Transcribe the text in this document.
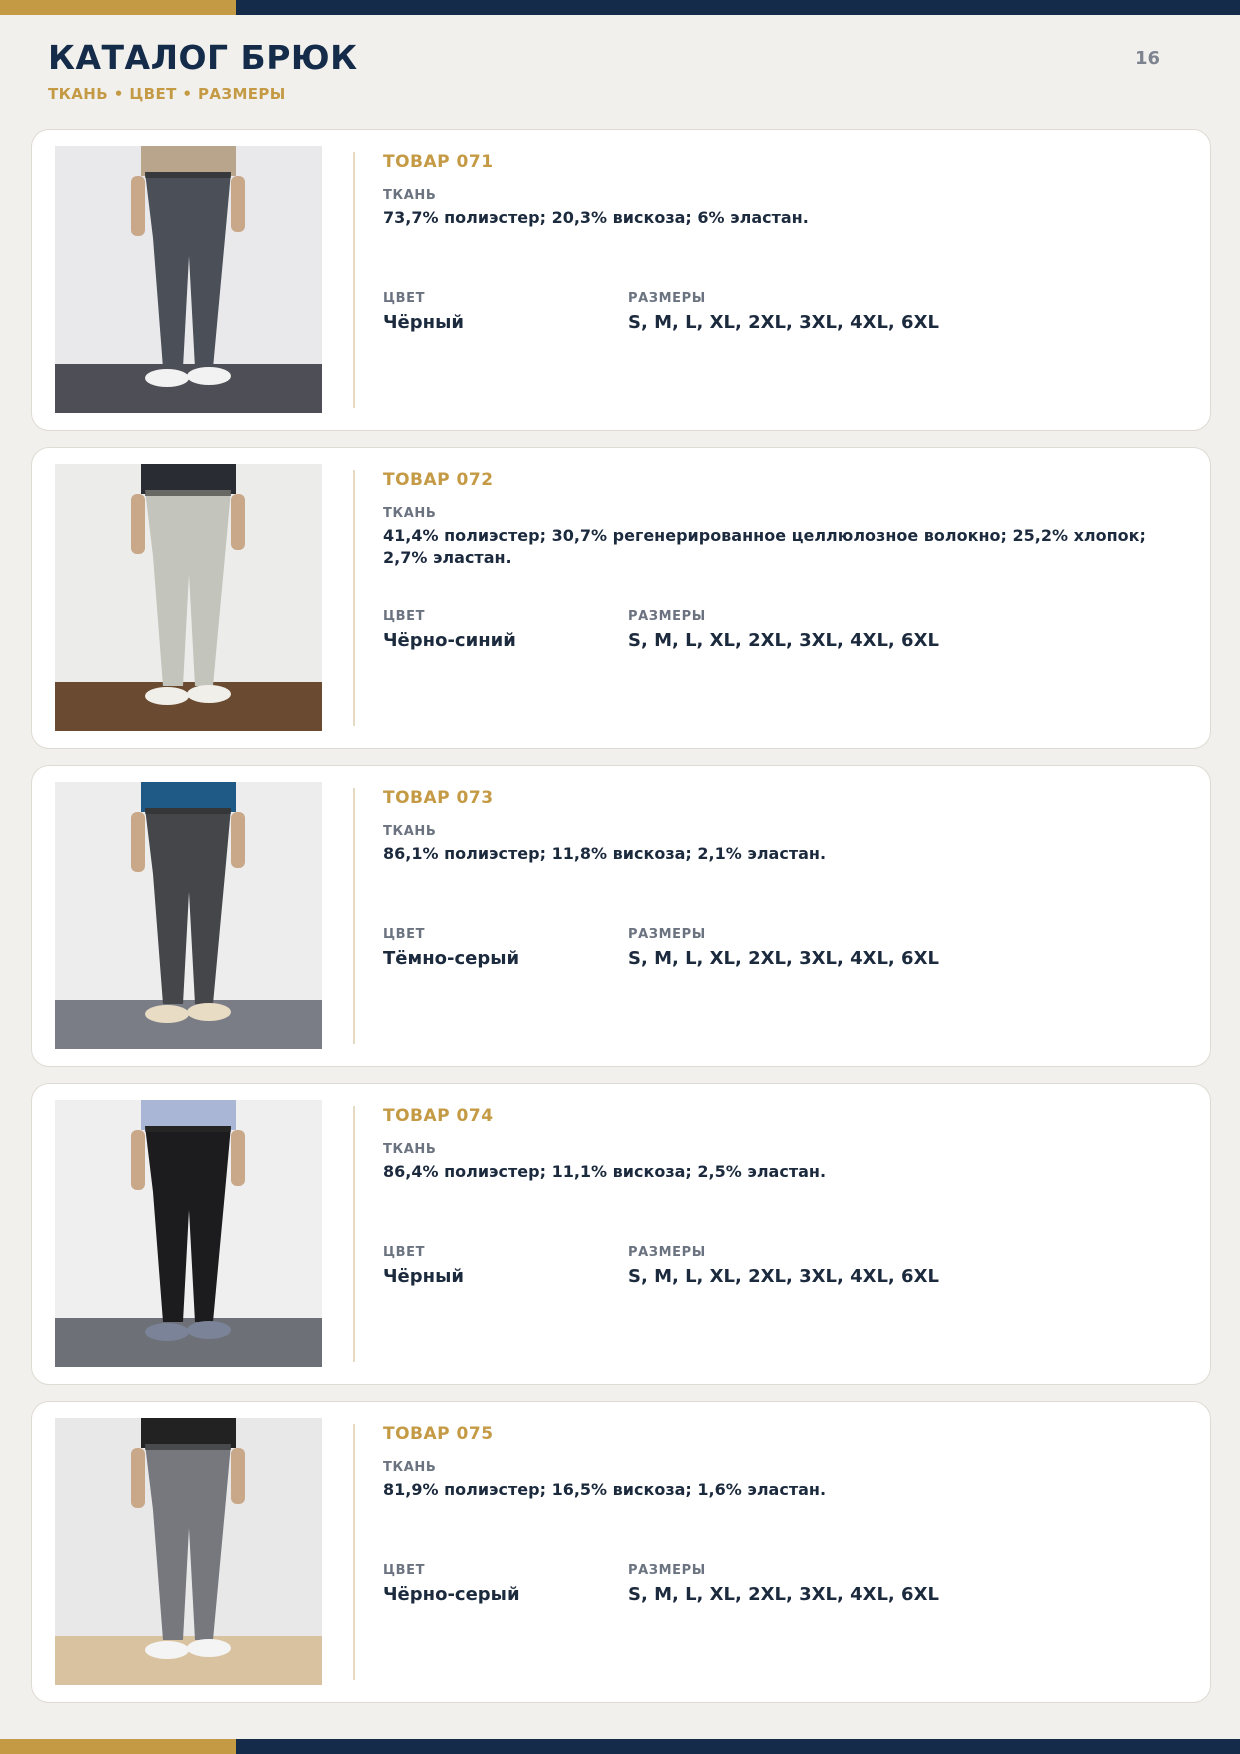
КАТАЛОГ БРЮК
ТКАНЬ • ЦВЕТ • РАЗМЕРЫ
16
ТОВАР 071
ТКАНЬ
73,7% полиэстер; 20,3% вискоза; 6% эластан.
ЦВЕТ
Чёрный
РАЗМЕРЫ
S, M, L, XL, 2XL, 3XL, 4XL, 6XL
ТОВАР 072
ТКАНЬ
41,4% полиэстер; 30,7% регенерированное целлюлозное волокно; 25,2% хлопок; 2,7% эластан.
ЦВЕТ
Чёрно-синий
РАЗМЕРЫ
S, M, L, XL, 2XL, 3XL, 4XL, 6XL
ТОВАР 073
ТКАНЬ
86,1% полиэстер; 11,8% вискоза; 2,1% эластан.
ЦВЕТ
Тёмно-серый
РАЗМЕРЫ
S, M, L, XL, 2XL, 3XL, 4XL, 6XL
ТОВАР 074
ТКАНЬ
86,4% полиэстер; 11,1% вискоза; 2,5% эластан.
ЦВЕТ
Чёрный
РАЗМЕРЫ
S, M, L, XL, 2XL, 3XL, 4XL, 6XL
ТОВАР 075
ТКАНЬ
81,9% полиэстер; 16,5% вискоза; 1,6% эластан.
ЦВЕТ
Чёрно-серый
РАЗМЕРЫ
S, M, L, XL, 2XL, 3XL, 4XL, 6XL
